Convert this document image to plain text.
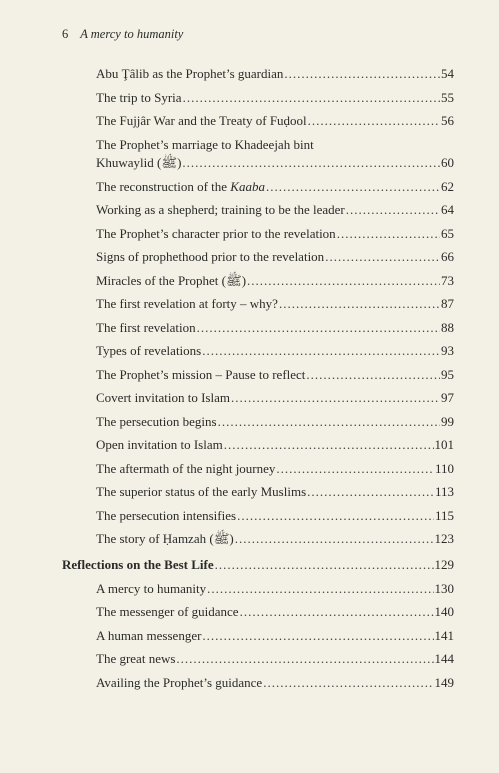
6 A mercy to humanity
Abu Ţâlib as the Prophet’s guardian .....	54
The trip to Syria .....	55
The Fujjâr War and the Treaty of Fuḍool .....	56
The Prophet’s marriage to Khadeejah bint
Khuwaylid (ﷺ) .....	60
The reconstruction of the Kaaba .....	62
Working as a shepherd; training to be the leader .....	64
The Prophet’s character prior to the revelation .....	65
Signs of prophethood prior to the revelation .....	66
Miracles of the Prophet (ﷺ) .....	73
The first revelation at forty – why? .....	87
The first revelation .....	88
Types of revelations .....	93
The Prophet’s mission – Pause to reflect .....	95
Covert invitation to Islam .....	97
The persecution begins .....	99
Open invitation to Islam .....	101
The aftermath of the night journey .....	110
The superior status of the early Muslims .....	113
The persecution intensifies .....	115
The story of Ḥamzah (ﷺ) .....	123
Reflections on the Best Life .....	129
A mercy to humanity .....	130
The messenger of guidance .....	140
A human messenger .....	141
The great news .....	144
Availing the Prophet’s guidance .....	149
